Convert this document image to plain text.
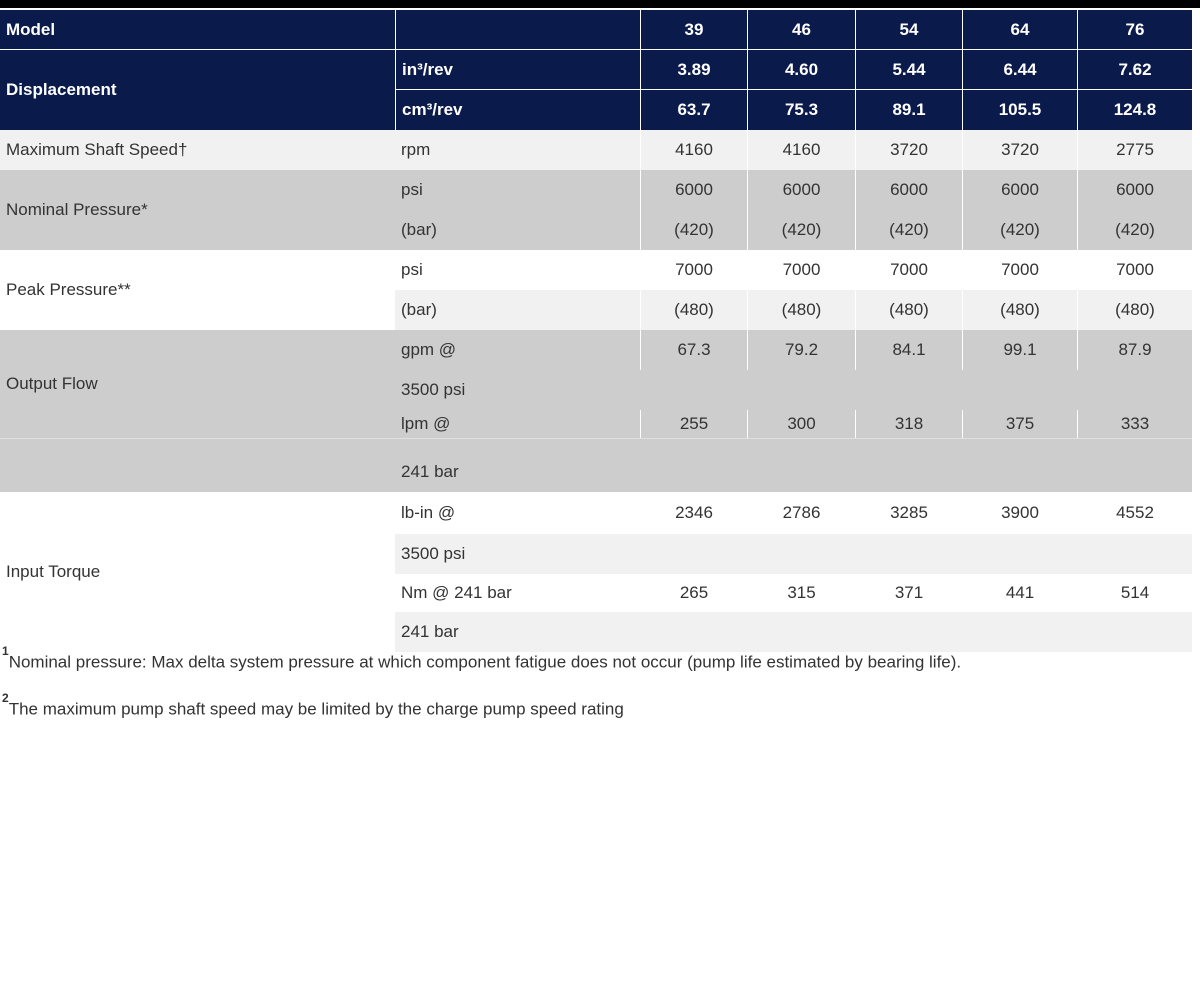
Model	39	46	54	64	76
Displacement
in³/rev	3.89	4.60	5.44	6.44	7.62
cm³/rev	63.7	75.3	89.1	105.5	124.8
Maximum Shaft Speed†	rpm	4160	4160	3720	3720	2775
Nominal Pressure*
psi	6000	6000	6000	6000	6000
(bar)	(420)	(420)	(420)	(420)	(420)
Peak Pressure**
psi	7000	7000	7000	7000	7000
(bar)	(480)	(480)	(480)	(480)	(480)
Output Flow
gpm @	67.3	79.2	84.1	99.1	87.9
3500 psi
lpm @	255	300	318	375	333
241 bar
Input Torque
lb-in @	2346	2786	3285	3900	4552
3500 psi
Nm @ 241 bar	265	315	371	441	514
241 bar
$^1$Nominal pressure: Max delta system pressure at which component fatigue does not occur (pump life estimated by bearing life).
$^2$The maximum pump shaft speed may be limited by the charge pump speed rating
